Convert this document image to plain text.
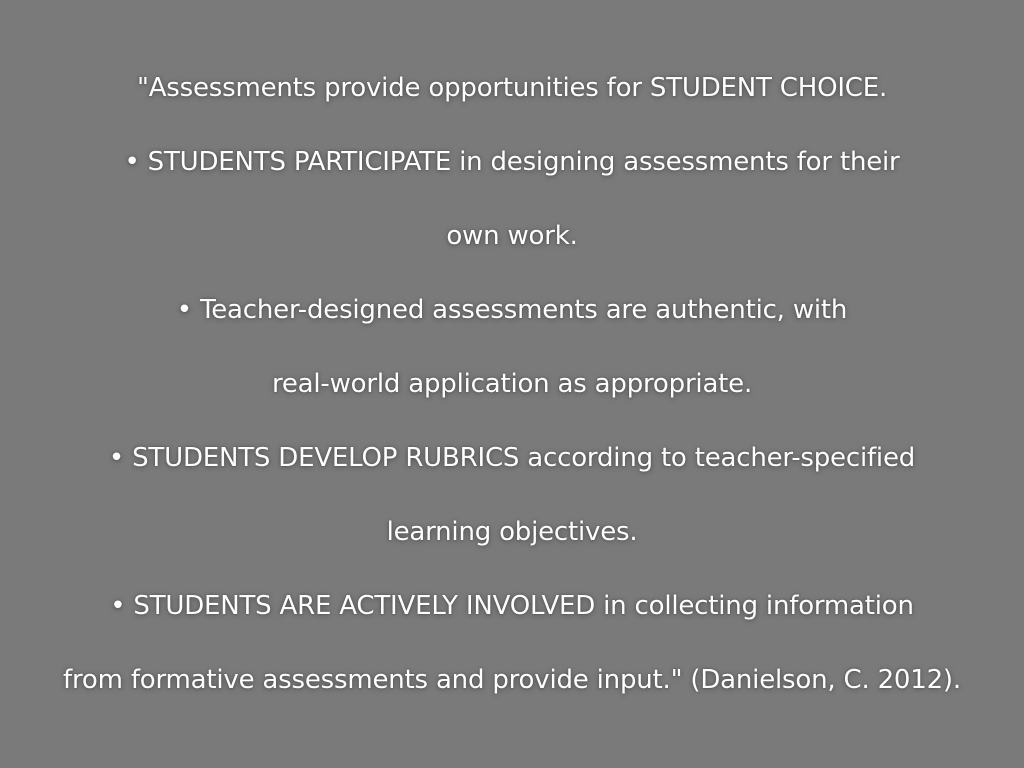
"Assessments provide opportunities for STUDENT CHOICE.
• STUDENTS PARTICIPATE in designing assessments for their
own work.
• Teacher-designed assessments are authentic, with
real-world application as appropriate.
• STUDENTS DEVELOP RUBRICS according to teacher-specified
learning objectives.
• STUDENTS ARE ACTIVELY INVOLVED in collecting information
from formative assessments and provide input." (Danielson, C. 2012).
